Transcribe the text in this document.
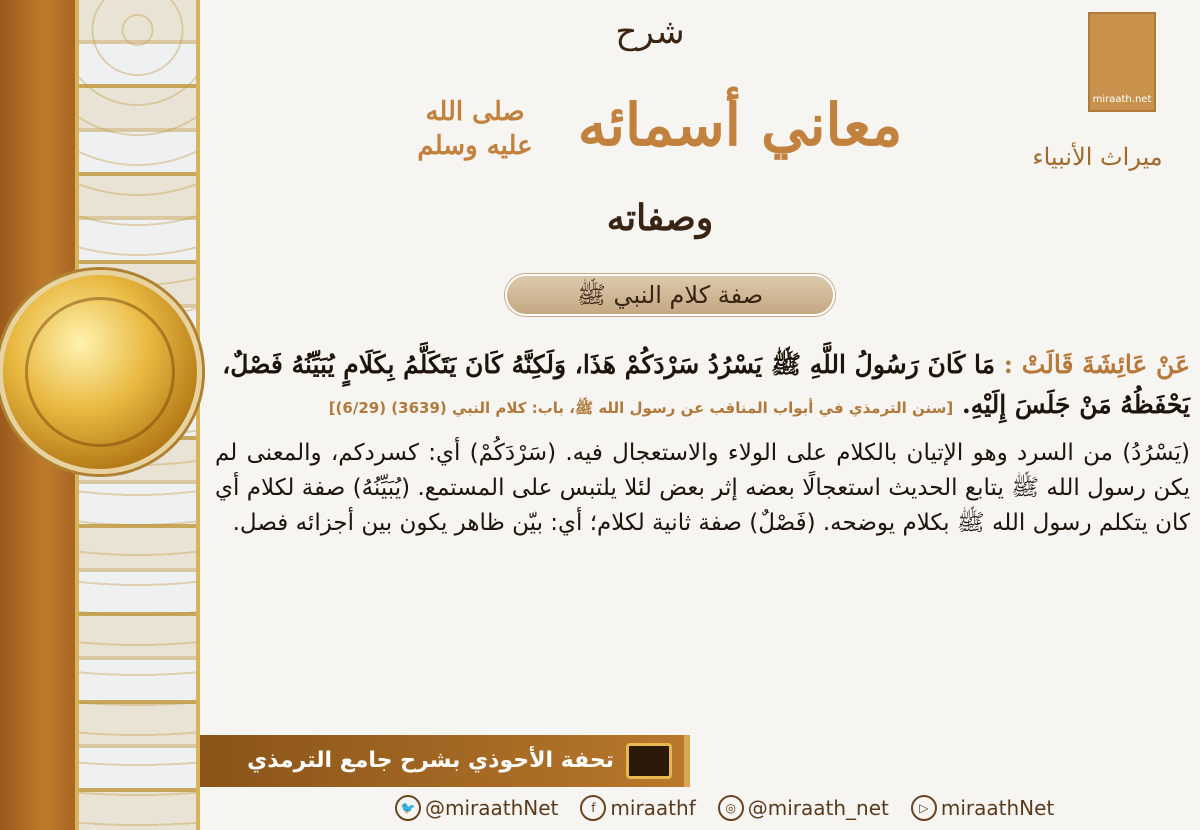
شرح
معاني أسمائه
صلى الله عليه وسلم
وصفاته
صفة كلام النبي ﷺ
miraath.net
ميراث الأنبياء
عَنْ عَائِشَةَ قَالَتْ : مَا كَانَ رَسُولُ اللَّهِ ﷺ يَسْرُدُ سَرْدَكُمْ هَذَا، وَلَكِنَّهُ كَانَ يَتَكَلَّمُ بِكَلَامٍ يُبَيِّنُهُ فَصْلٌ، يَحْفَظُهُ مَنْ جَلَسَ إِلَيْهِ. [سنن الترمذي في أبواب المناقب عن رسول الله ﷺ، باب: كلام النبي (3639) (6/29)]
(يَسْرُدُ) من السرد وهو الإتيان بالكلام على الولاء والاستعجال فيه. (سَرْدَكُمْ) أي: كسردكم، والمعنى لم يكن رسول الله ﷺ يتابع الحديث استعجالًا بعضه إثر بعض لئلا يلتبس على المستمع. (يُبَيِّنُهُ) صفة لكلام أي كان يتكلم رسول الله ﷺ بكلام يوضحه. (فَصْلٌ) صفة ثانية لكلام؛ أي: بيّن ظاهر يكون بين أجزائه فصل.
تحفة الأحوذي بشرح جامع الترمذي
🐦 @miraathNet	f miraathf	◎ @miraath_net	▷ miraathNet
